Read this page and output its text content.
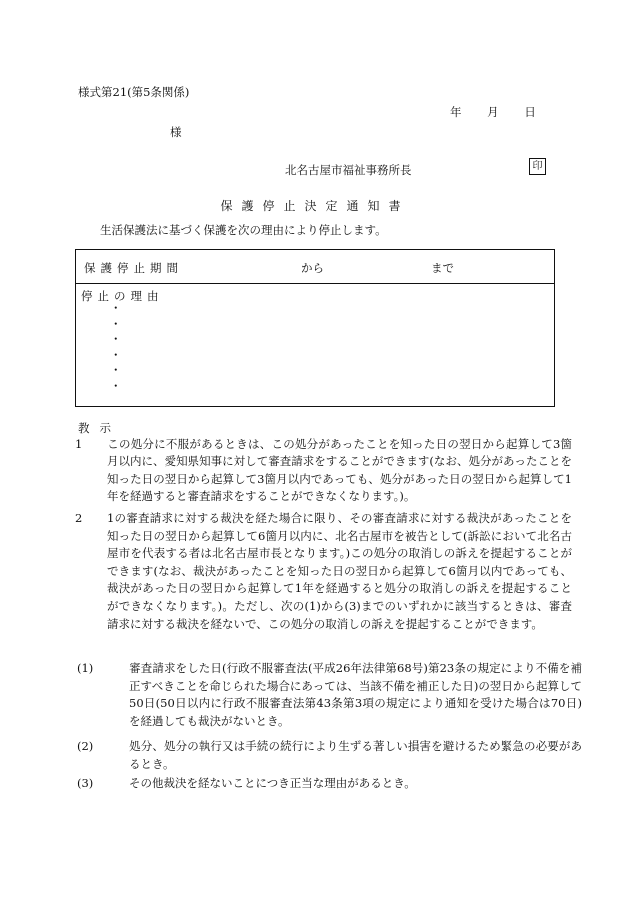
様式第21(第5条関係)
年 月 日
様
北名古屋市福祉事務所長	印
保護停止決定通知書
生活保護法に基づく保護を次の理由により停止します。
保護停止期間	から	まで
停止の理由
・
・
・
・
・
・
教示
1 この処分に不服があるときは、この処分があったことを知った日の翌日から起算して3箇月以内に、愛知県知事に対して審査請求をすることができます(なお、処分があったことを知った日の翌日から起算して3箇月以内であっても、処分があった日の翌日から起算して1年を経過すると審査請求をすることができなくなります。)。
2 1の審査請求に対する裁決を経た場合に限り、その審査請求に対する裁決があったことを知った日の翌日から起算して6箇月以内に、北名古屋市を被告として(訴訟において北名古屋市を代表する者は北名古屋市長となります。)この処分の取消しの訴えを提起することができます(なお、裁決があったことを知った日の翌日から起算して6箇月以内であっても、裁決があった日の翌日から起算して1年を経過すると処分の取消しの訴えを提起することができなくなります。)。ただし、次の(1)から(3)までのいずれかに該当するときは、審査請求に対する裁決を経ないで、この処分の取消しの訴えを提起することができます。
(1)	審査請求をした日(行政不服審査法(平成26年法律第68号)第23条の規定により不備を補正すべきことを命じられた場合にあっては、当該不備を補正した日)の翌日から起算して50日(50日以内に行政不服審査法第43条第3項の規定により通知を受けた場合は70日)を経過しても裁決がないとき。
(2)	処分、処分の執行又は手続の続行により生ずる著しい損害を避けるため緊急の必要があるとき。
(3)	その他裁決を経ないことにつき正当な理由があるとき。
